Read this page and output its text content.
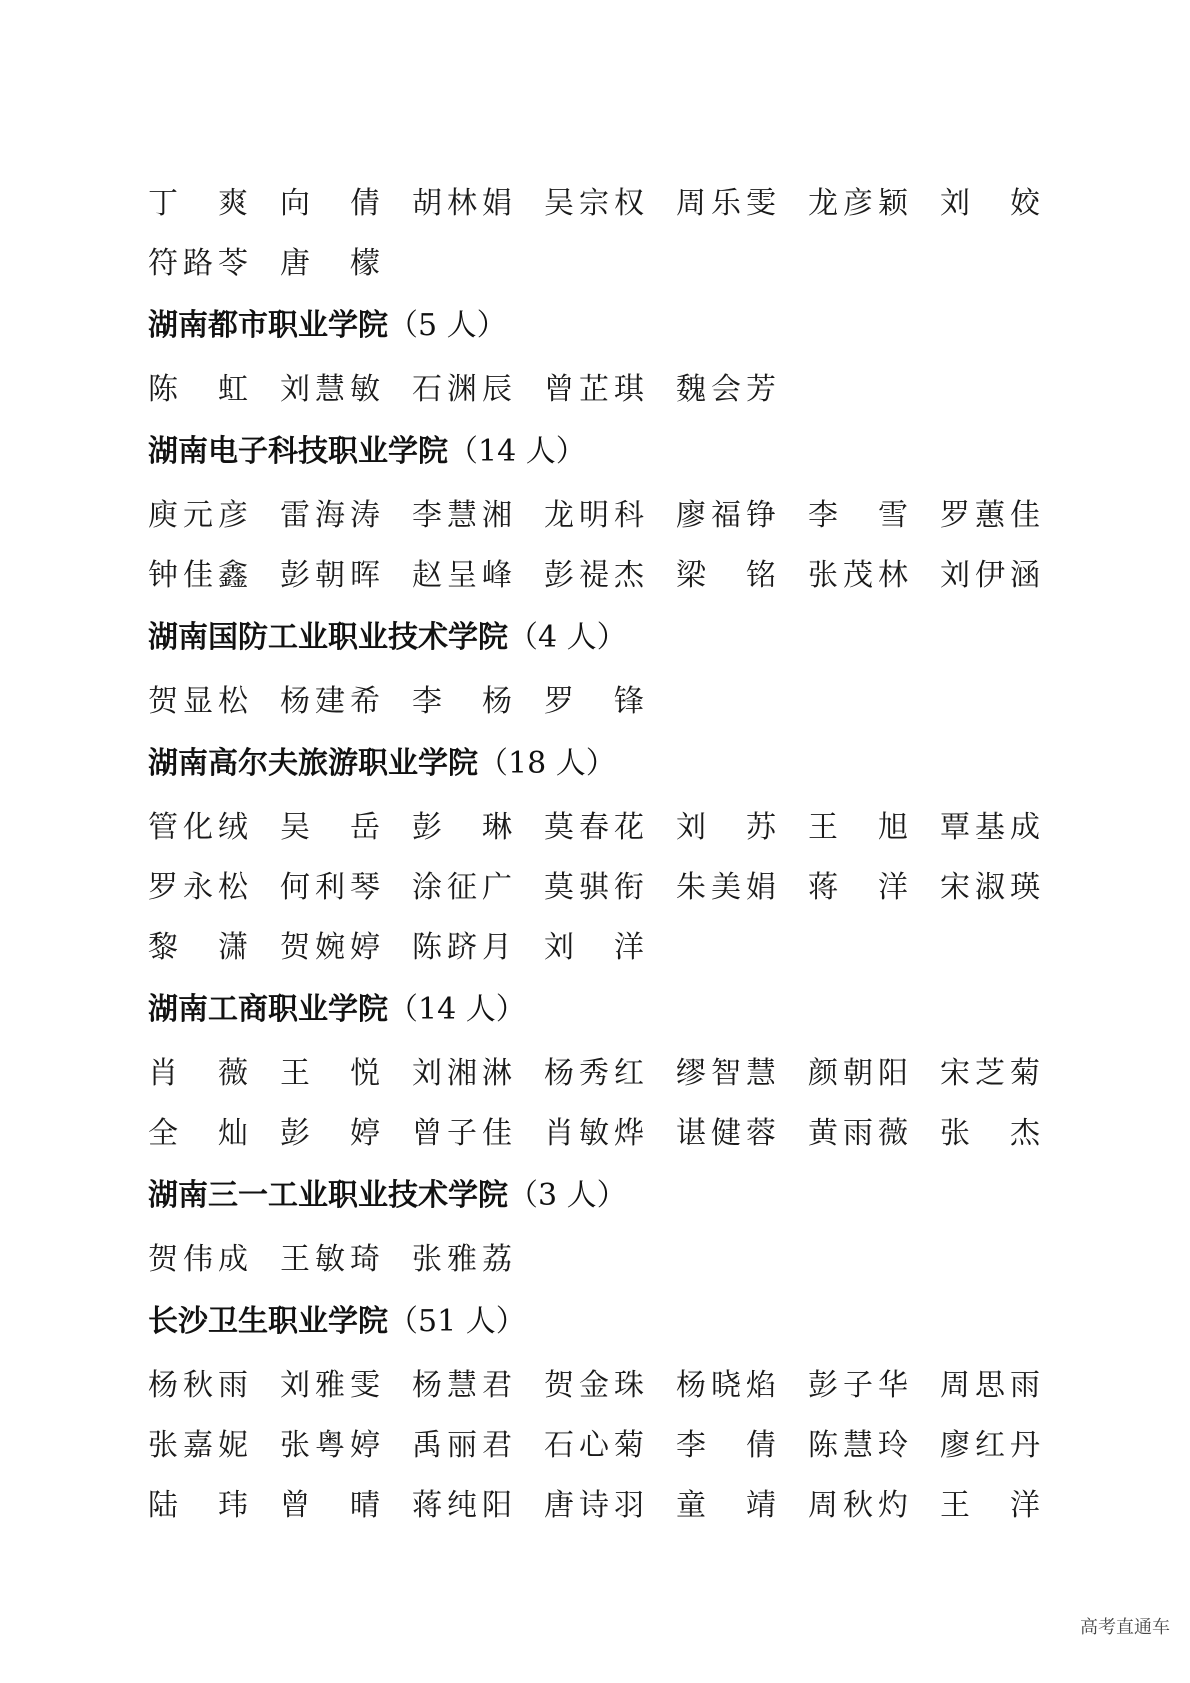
丁 爽 向 倩 胡 林 娟 吴 宗 权 周 乐 雯 龙 彦 颖 刘 姣
符 路 苓 唐 檬
湖南都市职业学院（5 人）
陈 虹 刘 慧 敏 石 渊 辰 曾 芷 琪 魏 会 芳
湖南电子科技职业学院（14 人）
庾 元 彦 雷 海 涛 李 慧 湘 龙 明 科 廖 福 铮 李 雪 罗 蕙 佳
钟 佳 鑫 彭 朝 晖 赵 呈 峰 彭 禔 杰 梁 铭 张 茂 林 刘 伊 涵
湖南国防工业职业技术学院（4 人）
贺 显 松 杨 建 希 李 杨 罗 锋
湖南高尔夫旅游职业学院（18 人）
管 化 绒 吴 岳 彭 琳 莫 春 花 刘 苏 王 旭 覃 基 成
罗 永 松 何 利 琴 涂 征 广 莫 骐 衔 朱 美 娟 蒋 洋 宋 淑 瑛
黎 潇 贺 婉 婷 陈 跻 月 刘 洋
湖南工商职业学院（14 人）
肖 薇 王 悦 刘 湘 淋 杨 秀 红 缪 智 慧 颜 朝 阳 宋 芝 菊
全 灿 彭 婷 曾 子 佳 肖 敏 烨 谌 健 蓉 黄 雨 薇 张 杰
湖南三一工业职业技术学院（3 人）
贺 伟 成 王 敏 琦 张 雅 荔
长沙卫生职业学院（51 人）
杨 秋 雨 刘 雅 雯 杨 慧 君 贺 金 珠 杨 晓 焰 彭 子 华 周 思 雨
张 嘉 妮 张 粤 婷 禹 丽 君 石 心 菊 李 倩 陈 慧 玲 廖 红 丹
陆 玮 曾 晴 蒋 纯 阳 唐 诗 羽 童 靖 周 秋 灼 王 洋
高考直通车
